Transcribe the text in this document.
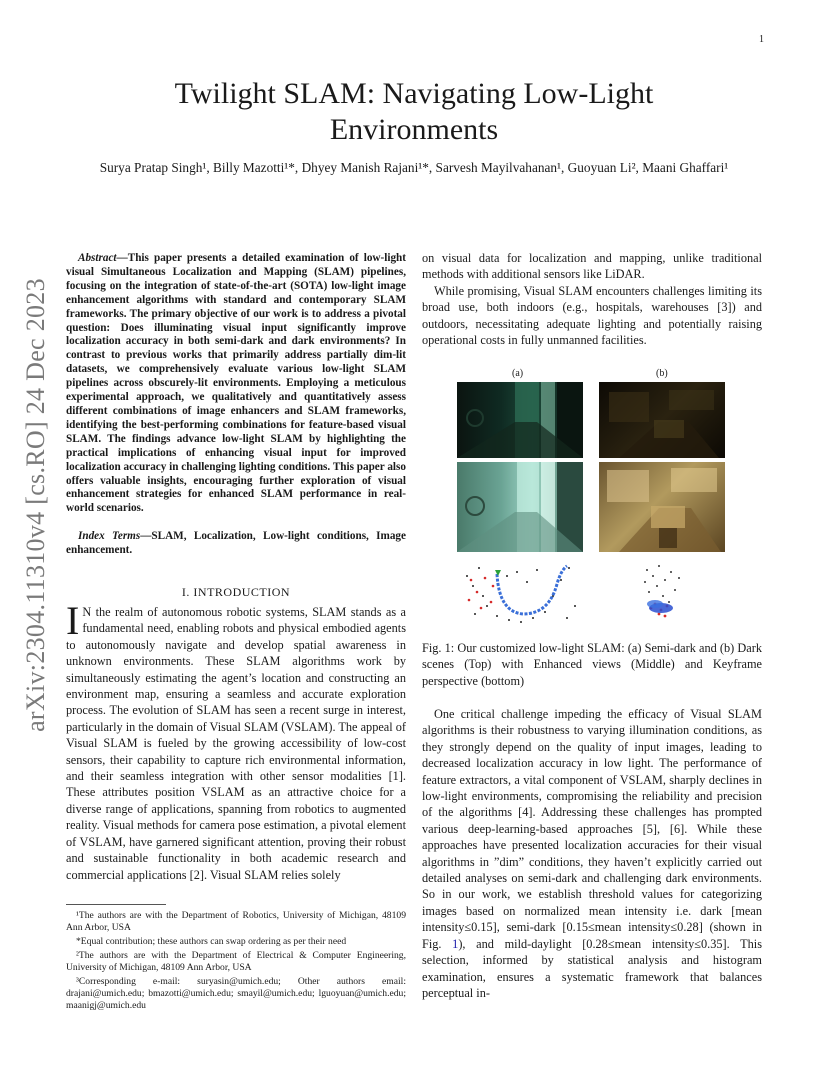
1
arXiv:2304.11310v4 [cs.RO] 24 Dec 2023
Twilight SLAM: Navigating Low-Light Environments
Surya Pratap Singh¹, Billy Mazotti¹*, Dhyey Manish Rajani¹*, Sarvesh Mayilvahanan¹, Guoyuan Li², Maani Ghaffari¹
Abstract—This paper presents a detailed examination of low-light visual Simultaneous Localization and Mapping (SLAM) pipelines, focusing on the integration of state-of-the-art (SOTA) low-light image enhancement algorithms with standard and contemporary SLAM frameworks. The primary objective of our work is to address a pivotal question: Does illuminating visual input significantly improve localization accuracy in both semi-dark and dark environments? In contrast to previous works that primarily address partially dim-lit datasets, we comprehensively evaluate various low-light SLAM pipelines across obscurely-lit environments. Employing a meticulous experimental approach, we qualitatively and quantitatively assess different combinations of image enhancers and SLAM frameworks, identifying the best-performing combinations for feature-based visual SLAM. The findings advance low-light SLAM by highlighting the practical implications of enhancing visual input for improved localization accuracy in challenging lighting conditions. This paper also offers valuable insights, encouraging further exploration of visual enhancement strategies for enhanced SLAM performance in real-world scenarios.
Index Terms—SLAM, Localization, Low-light conditions, Image enhancement.
I. INTRODUCTION
I N the realm of autonomous robotic systems, SLAM stands as a fundamental need, enabling robots and physical embodied agents to autonomously navigate and develop spatial awareness in unknown environments. These SLAM algorithms work by simultaneously estimating the agent’s location and constructing an environment map, ensuring a seamless and accurate exploration process. The evolution of SLAM has seen a recent surge in interest, particularly in the domain of Visual SLAM (VSLAM). The appeal of Visual SLAM is fueled by the growing accessibility of low-cost sensors, their capability to capture rich environmental information, and their seamless integration with other sensor modalities [1]. These attributes position VSLAM as an attractive choice for a diverse range of applications, spanning from robotics to augmented reality. Visual methods for camera pose estimation, a pivotal element of VSLAM, have garnered significant attention, proving their robust and sustainable functionality in both academic research and commercial applications [2]. Visual SLAM relies solely

¹The authors are with the Department of Robotics, University of Michigan, 48109 Ann Arbor, USA

*Equal contribution; these authors can swap ordering as per their need

²The authors are with the Department of Electrical & Computer Engineering, University of Michigan, 48109 Ann Arbor, USA

³Corresponding e-mail: suryasin@umich.edu; Other authors email: drajani@umich.edu; bmazotti@umich.edu; smayil@umich.edu; lguoyuan@umich.edu; maanigj@umich.edu

on visual data for localization and mapping, unlike traditional methods with additional sensors like LiDAR.

While promising, Visual SLAM encounters challenges limiting its broad use, both indoors (e.g., hospitals, warehouses [3]) and outdoors, necessitating adequate lighting and potentially raising operational costs in fully unmanned facilities.

(a)	(b)
Fig. 1: Our customized low-light SLAM: (a) Semi-dark and (b) Dark scenes (Top) with Enhanced views (Middle) and Keyframe perspective (bottom)
One critical challenge impeding the efficacy of Visual SLAM algorithms is their robustness to varying illumination conditions, as they strongly depend on the quality of input images, leading to decreased localization accuracy in low light. The performance of feature extractors, a vital component of VSLAM, sharply declines in low-light environments, compromising the reliability and precision of the algorithms [4]. Addressing these challenges has prompted various deep-learning-based approaches [5], [6]. While these approaches have presented localization accuracies for their visual algorithms in ”dim” conditions, they haven’t explicitly carried out detailed analyses on semi-dark and challenging dark environments. So in our work, we establish threshold values for categorizing images based on normalized mean intensity i.e. dark [mean intensity≤0.15], semi-dark [0.15≤mean intensity≤0.28] (shown in Fig. 1), and mild-daylight [0.28≤mean intensity≤0.35]. This selection, informed by statistical analysis and histogram examination, ensures a systematic framework that balances perceptual in-
